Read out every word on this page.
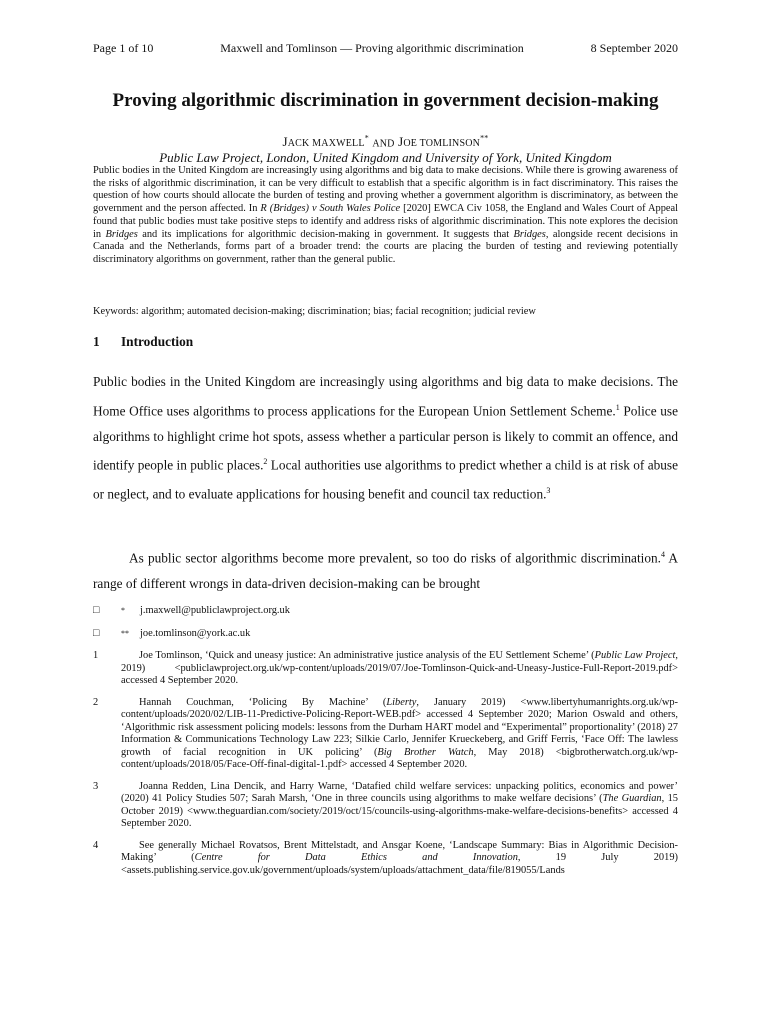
Page 1 of 10	Maxwell and Tomlinson — Proving algorithmic discrimination	8 September 2020
Proving algorithmic discrimination in government decision-making
JACK MAXWELL* AND JOE TOMLINSON**
Public Law Project, London, United Kingdom and University of York, United Kingdom

Public bodies in the United Kingdom are increasingly using algorithms and big data to make decisions. While there is growing awareness of the risks of algorithmic discrimination, it can be very difficult to establish that a specific algorithm is in fact discriminatory. This raises the question of how courts should allocate the burden of testing and proving whether a government algorithm is discriminatory, as between the government and the person affected. In R (Bridges) v South Wales Police [2020] EWCA Civ 1058, the England and Wales Court of Appeal found that public bodies must take positive steps to identify and address risks of algorithmic discrimination. This note explores the decision in Bridges and its implications for algorithmic decision-making in government. It suggests that Bridges, alongside recent decisions in Canada and the Netherlands, forms part of a broader trend: the courts are placing the burden of testing and reviewing potentially discriminatory algorithms on government, rather than the general public.

Keywords: algorithm; automated decision-making; discrimination; bias; facial recognition; judicial review
1 Introduction

Public bodies in the United Kingdom are increasingly using algorithms and big data to make decisions. The Home Office uses algorithms to process applications for the European Union Settlement Scheme.$^1$ Police use algorithms to highlight crime hot spots, assess whether a particular person is likely to commit an offence, and identify people in public places.$^2$ Local authorities use algorithms to predict whether a child is at risk of abuse or neglect, and to evaluate applications for housing benefit and council tax reduction.$^3$

As public sector algorithms become more prevalent, so too do risks of algorithmic discrimination.$^4$ A range of different wrongs in data-driven decision-making can be brought

□	* j.maxwell@publiclawproject.org.uk
□	** joe.tomlinson@york.ac.uk
1	Joe Tomlinson, ‘Quick and uneasy justice: An administrative justice analysis of the EU Settlement Scheme’ (Public Law Project, 2019) <publiclawproject.org.uk/wp-content/uploads/2019/07/Joe-Tomlinson-Quick-and-Uneasy-Justice-Full-Report-2019.pdf> accessed 4 September 2020.
2	Hannah Couchman, ‘Policing By Machine’ (Liberty, January 2019) <www.libertyhumanrights.org.uk/wp-content/uploads/2020/02/LIB-11-Predictive-Policing-Report-WEB.pdf> accessed 4 September 2020; Marion Oswald and others, ‘Algorithmic risk assessment policing models: lessons from the Durham HART model and “Experimental” proportionality’ (2018) 27 Information & Communications Technology Law 223; Silkie Carlo, Jennifer Krueckeberg, and Griff Ferris, ‘Face Off: The lawless growth of facial recognition in UK policing’ (Big Brother Watch, May 2018) <bigbrotherwatch.org.uk/wp-content/uploads/2018/05/Face-Off-final-digital-1.pdf> accessed 4 September 2020.
3	Joanna Redden, Lina Dencik, and Harry Warne, ‘Datafied child welfare services: unpacking politics, economics and power’ (2020) 41 Policy Studies 507; Sarah Marsh, ‘One in three councils using algorithms to make welfare decisions’ (The Guardian, 15 October 2019) <www.theguardian.com/society/2019/oct/15/councils-using-algorithms-make-welfare-decisions-benefits> accessed 4 September 2020.
4	See generally Michael Rovatsos, Brent Mittelstadt, and Ansgar Koene, ‘Landscape Summary: Bias in Algorithmic Decision-Making’ (Centre for Data Ethics and Innovation, 19 July 2019) <assets.publishing.service.gov.uk/government/uploads/system/uploads/attachment_data/file/819055/Lands
